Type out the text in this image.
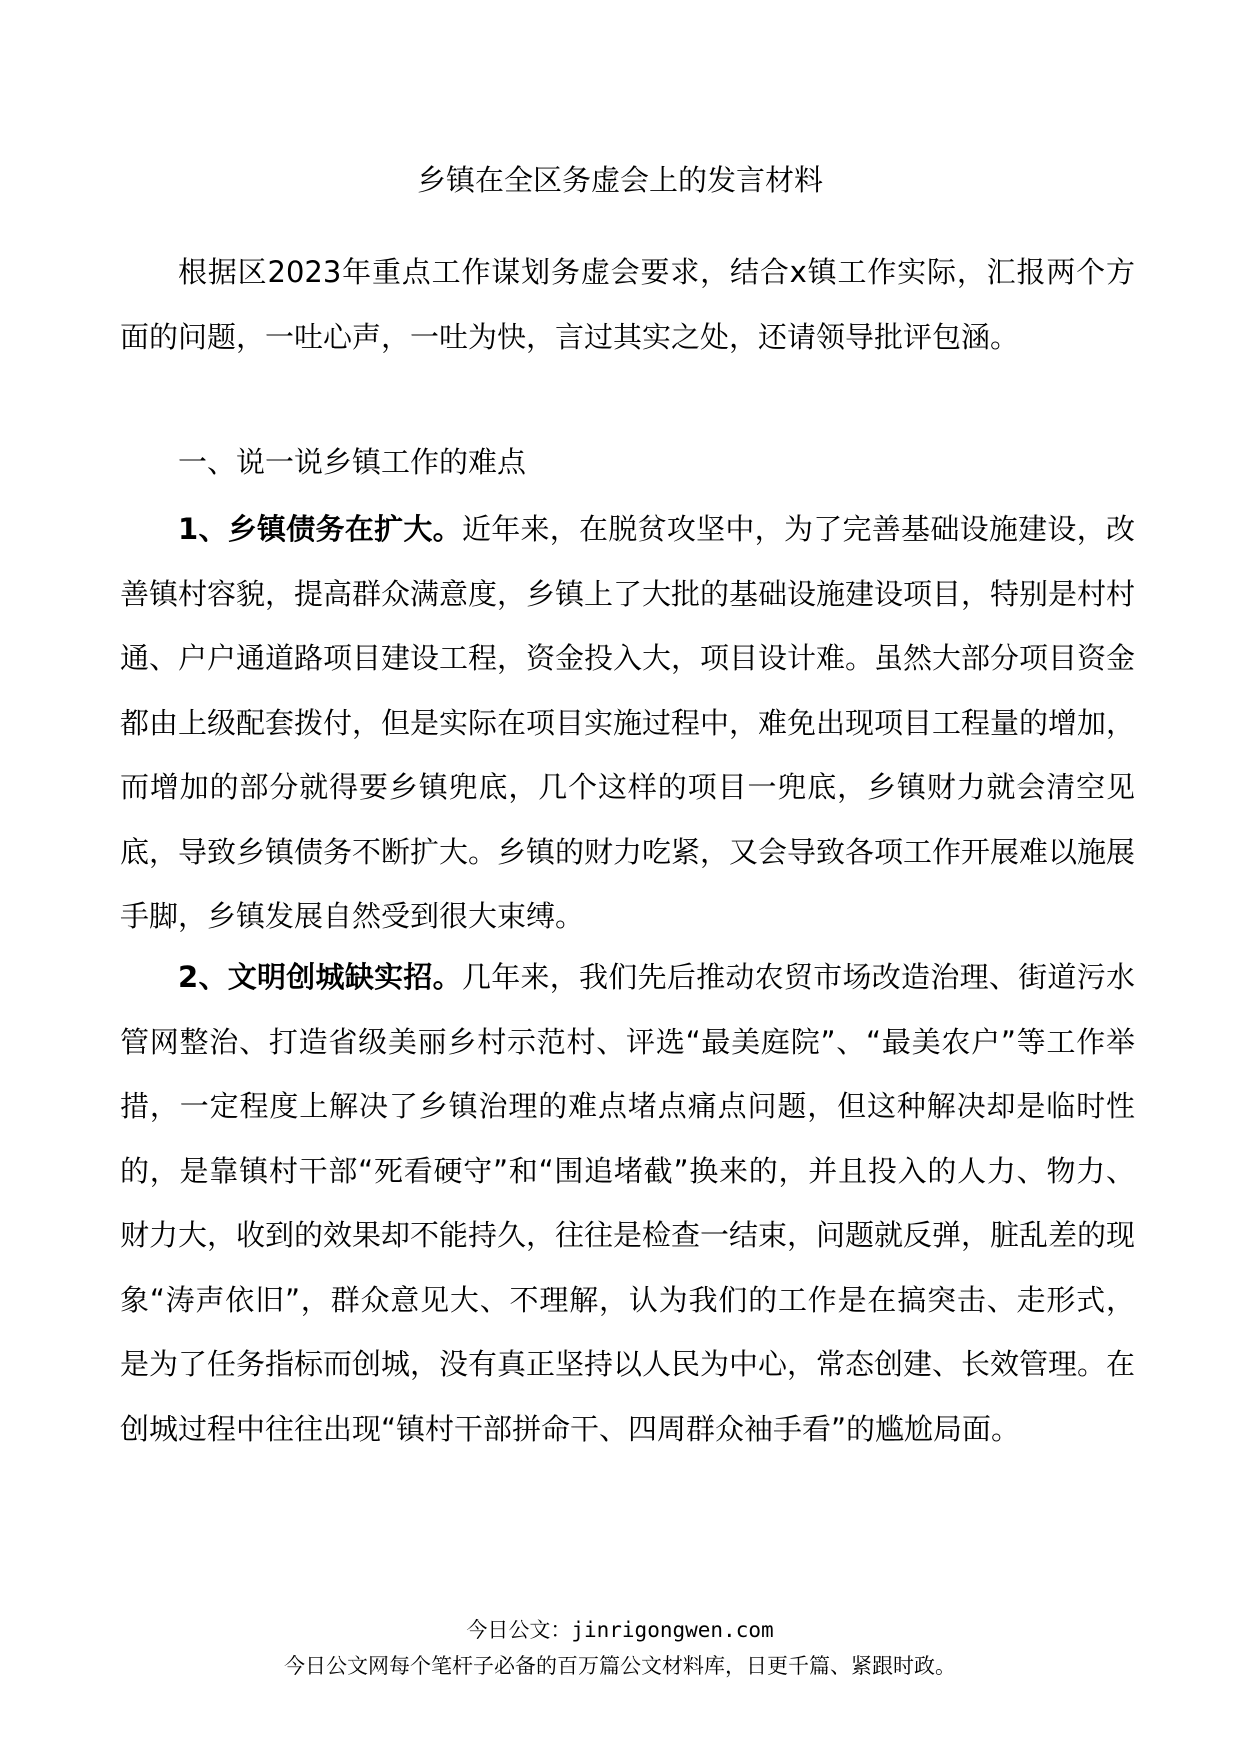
乡镇在全区务虚会上的发言材料

根据区2023年重点工作谋划务虚会要求，结合x镇工作实际，汇报两个方面的问题，一吐心声，一吐为快，言过其实之处，还请领导批评包涵。

一、说一说乡镇工作的难点

1、乡镇债务在扩大。近年来，在脱贫攻坚中，为了完善基础设施建设，改善镇村容貌，提高群众满意度，乡镇上了大批的基础设施建设项目，特别是村村通、户户通道路项目建设工程，资金投入大，项目设计难。虽然大部分项目资金都由上级配套拨付，但是实际在项目实施过程中，难免出现项目工程量的增加，而增加的部分就得要乡镇兜底，几个这样的项目一兜底，乡镇财力就会清空见底，导致乡镇债务不断扩大。乡镇的财力吃紧，又会导致各项工作开展难以施展手脚，乡镇发展自然受到很大束缚。

2、文明创城缺实招。几年来，我们先后推动农贸市场改造治理、街道污水管网整治、打造省级美丽乡村示范村、评选“最美庭院”、“最美农户”等工作举措，一定程度上解决了乡镇治理的难点堵点痛点问题，但这种解决却是临时性的，是靠镇村干部“死看硬守”和“围追堵截”换来的，并且投入的人力、物力、财力大，收到的效果却不能持久，往往是检查一结束，问题就反弹，脏乱差的现象“涛声依旧”，群众意见大、不理解，认为我们的工作是在搞突击、走形式，是为了任务指标而创城，没有真正坚持以人民为中心，常态创建、长效管理。在创城过程中往往出现“镇村干部拼命干、四周群众袖手看”的尴尬局面。

今日公文：jinrigongwen.com

今日公文网每个笔杆子必备的百万篇公文材料库，日更千篇、紧跟时政。
